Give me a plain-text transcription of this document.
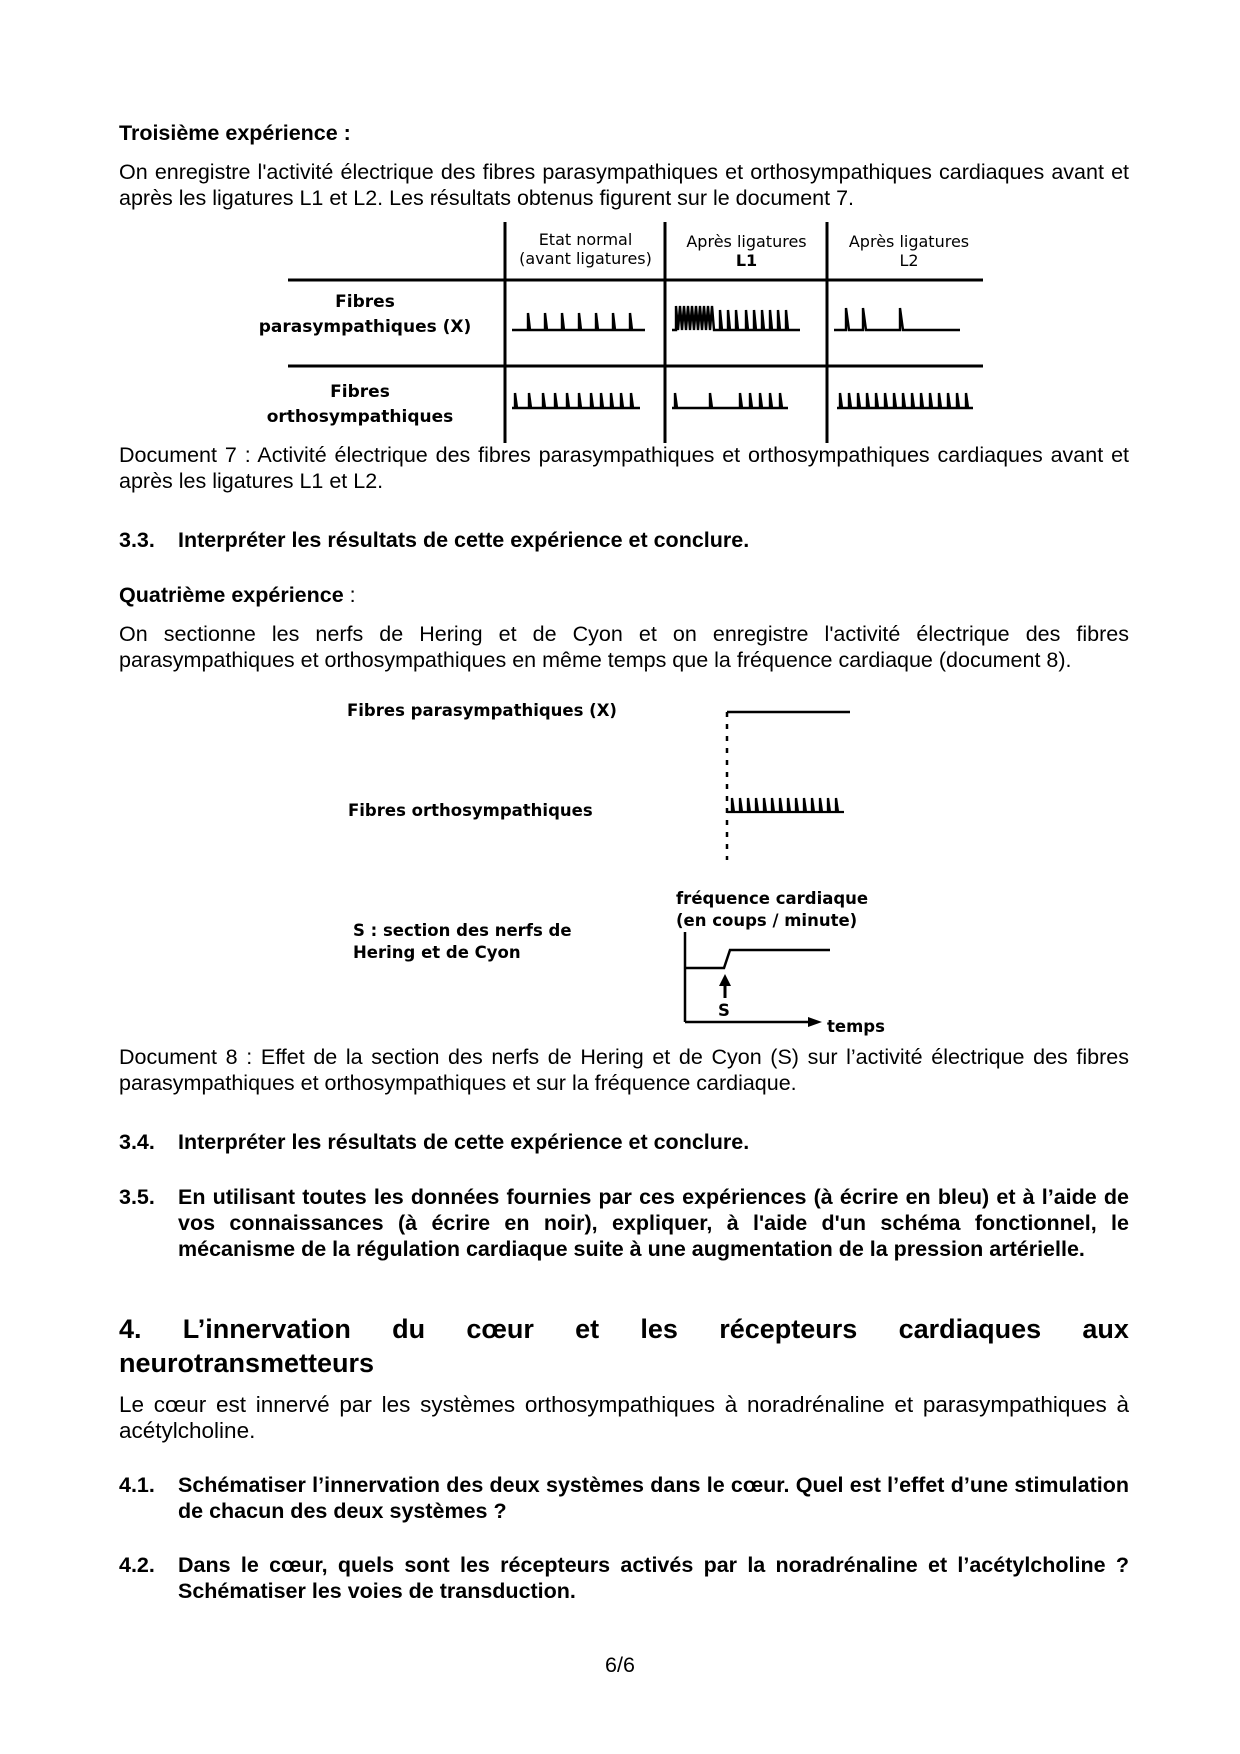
Troisième expérience :
On enregistre l'activité électrique des fibres parasympathiques et orthosympathiques cardiaques avant et après les ligatures L1 et L2. Les résultats obtenus figurent sur le document 7.
Etat normal
(avant ligatures)
Après ligatures
L1
Après ligatures
L2
Fibres
parasympathiques (X)
Fibres
orthosympathiques
Document 7 : Activité électrique des fibres parasympathiques et orthosympathiques cardiaques avant et après les ligatures L1 et L2.
3.3. Interpréter les résultats de cette expérience et conclure.
Quatrième expérience :
On sectionne les nerfs de Hering et de Cyon et on enregistre l'activité électrique des fibres parasympathiques et orthosympathiques en même temps que la fréquence cardiaque (document 8).
Fibres parasympathiques (X)
Fibres orthosympathiques
S : section des nerfs de
Hering et de Cyon
fréquence cardiaque
(en coups / minute)
S
temps
Document 8 : Effet de la section des nerfs de Hering et de Cyon (S) sur l’activité électrique des fibres parasympathiques et orthosympathiques et sur la fréquence cardiaque.
3.4. Interpréter les résultats de cette expérience et conclure.
3.5. En utilisant toutes les données fournies par ces expériences (à écrire en bleu) et à l’aide de vos connaissances (à écrire en noir), expliquer, à l'aide d'un schéma fonctionnel, le mécanisme de la régulation cardiaque suite à une augmentation de la pression artérielle.
4. L’innervation du cœur et les récepteurs cardiaques aux
neurotransmetteurs
Le cœur est innervé par les systèmes orthosympathiques à noradrénaline et parasympathiques à acétylcholine.
4.1. Schématiser l’innervation des deux systèmes dans le cœur. Quel est l’effet d’une stimulation de chacun des deux systèmes ?
4.2. Dans le cœur, quels sont les récepteurs activés par la noradrénaline et l’acétylcholine ? Schématiser les voies de transduction.
6/6
